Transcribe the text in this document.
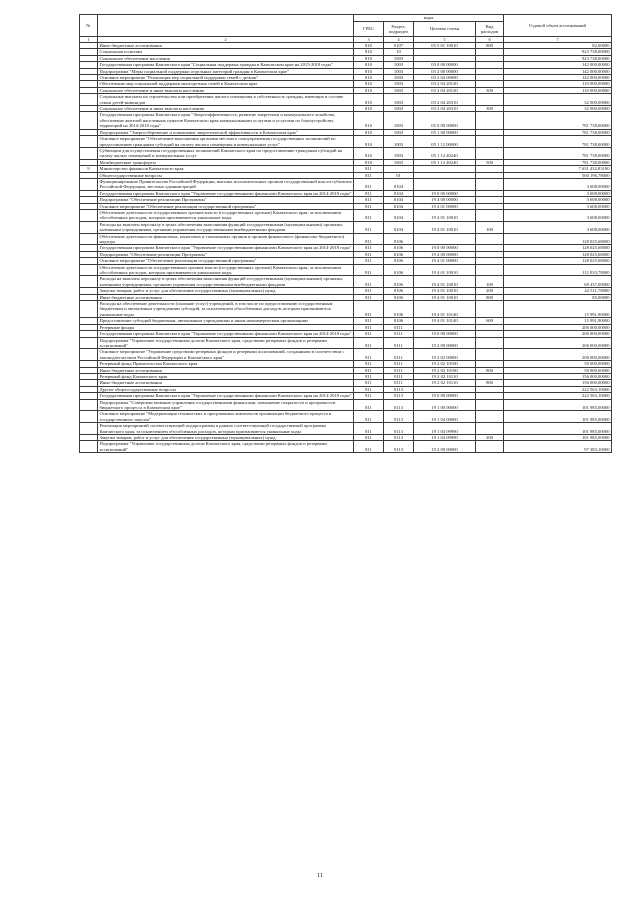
№		коды				Годовой объем ассигнований
		ГРБС	Раздел, подраздел	Целевая статья	Вид расходов	
1	2	3	4	5	6	7
	Иные бюджетные ассигнования	810	0107	05 5 01 10010	800	82,00000
	Социальная политика	810	10			923 738,00000
	Социальное обеспечение населения	810	1003			923 738,00000
	Государственная программа Камчатского края "Социальная поддержка граждан в Камчатском крае на 2015-2018 годы"	810	1003	03 0 00 00000		142 000,00000
	Подпрограмма "Меры социальной поддержки отдельных категорий граждан в Камчатском крае"	810	1003	03 2 00 00000		142 000,00000
	Основное мероприятие "Реализация мер социальной поддержки семей с детьми"	810	1003	03 2 04 00000		142 000,00000
	Обеспечение мер социальной поддержки многодетных семей в Камчатском крае	810	1003	03 2 04 20120		110 000,00000
	Социальное обеспечение и иные выплаты населению	810	1003	03 2 04 20120	300	110 000,00000
	Социальные выплаты на строительство или приобретение жилого помещения в собственность граждан, имеющих в составе семьи детей-инвалидов	810	1003	03 2 04 20310		32 000,00000
	Социальное обеспечение и иные выплаты населению	810	1003	03 2 04 20310	300	32 000,00000
	Государственная программа Камчатского края "Энергоэффективность, развитие энергетики и коммунального хозяйства, обеспечение жителей населенных пунктов Камчатского края коммунальными услугами и услугами по благоустройству территорий на 2014-2018 годы"	810	1003	05 0 00 00000		781 738,00000
	Подпрограмма "Энергосбережение и повышение энергетической эффективности в Камчатском крае"	810	1003	05 1 00 00000		781 738,00000
	Основное мероприятие "Обеспечение выполнения органами местного самоуправления государственных полномочий по предоставлению гражданам субсидий на оплату жилого помещения и коммунальных услуг"	810	1003	05 1 12 00000		781 738,00000
	Субвенции для осуществления государственных полномочий Камчатского края по предоставлению гражданам субсидий на оплату жилых помещений и коммунальных услуг	810	1003	05 1 12 40240		781 738,00000
	Межбюджетные трансферты	810	1003	05 1 12 40240	500	781 738,00000
9	Министерство финансов Камчатского края	811				7 631 432,83100
	Общегосударственные вопросы	811	01			560 196,78000
	Функционирование Правительства Российской Федерации, высших исполнительных органов государственной власти субъектов Российской Федерации, местных администраций	811	0104			3 608,00000
	Государственная программа Камчатского края "Управление государственными финансами Камчатского края на 2014-2018 годы"	811	0104	19 0 00 00000		3 608,00000
	Подпрограмма "Обеспечение реализации Программы"	811	0104	19 4 00 00000		3 608,00000
	Основное мероприятие "Обеспечение реализации государственной программы"	811	0104	19 4 01 00000		3 608,00000
	Обеспечение деятельности государственных органов власти (государственных органов) Камчатского края, за исключением обособленных расходов, которым присваиваются уникальные коды	811	0104	19 4 01 10010		3 608,00000
	Расходы на выплаты персоналу в целях обеспечения выполнения функций государственными (муниципальными) органами, казенными учреждениями, органами управления государственными внебюджетными фондами	811	0104	19 4 01 10010	100	3 608,00000
	Обеспечение деятельности финансовых, налоговых и таможенных органов и органов финансового (финансово-бюджетного) надзора	811	0106			128 025,68000
	Государственная программа Камчатского края "Управление государственными финансами Камчатского края на 2014-2018 годы"	811	0106	19 0 00 00000		128 025,68000
	Подпрограмма "Обеспечение реализации Программы"	811	0106	19 4 00 00000		128 025,68000
	Основное мероприятие "Обеспечение реализации государственной программы"	811	0106	19 4 01 00000		128 025,68000
	Обеспечение деятельности государственных органов власти (государственных органов) Камчатского края, за исключением обособленных расходов, которым присваиваются уникальные коды	811	0106	19 4 01 10010		112 033,78000
	Расходы на выплаты персоналу в целях обеспечения выполнения функций государственными (муниципальными) органами, казенными учреждениями, органами управления государственными внебюджетными фондами	811	0106	19 4 01 10010	100	69 437,00000
	Закупка товаров, работ и услуг для обеспечения государственных (муниципальных) нужд	811	0106	19 4 01 10010	200	42 511,78000
	Иные бюджетные ассигнования	811	0106	19 4 01 10010	800	85,00000
	Расходы на обеспечение деятельности (оказание услуг) учреждений, в том числе по предоставлению государственным бюджетным и автономным учреждениям субсидий, за исключением обособленных расходов, которым присваиваются уникальные коды	811	0106	19 4 01 10140		15 991,90000
	Предоставление субсидий бюджетным, автономным учреждениям и иным некоммерческим организациям	811	0106	19 4 01 10140	600	15 991,90000
	Резервные фонды	811	0111			206 000,00000
	Государственная программа Камчатского края "Управление государственными финансами Камчатского края на 2014-2018 годы"	811	0111	19 0 00 00000		206 000,00000
	Подпрограмма "Управление государственным долгом Камчатского края, средствами резервных фондов и резервами ассигнований"	811	0111	19 2 00 00000		206 000,00000
	Основное мероприятие "Управление средствами резервных фондов и резервами ассигнований, созданными в соответствии с законодательством Российской Федерации и Камчатского края"	811	0111	19 2 02 00000		206 000,00000
	Резервный фонд Правительства Камчатского края	811	0111	19 2 02 10100		50 000,00000
	Иные бюджетные ассигнования	811	0111	19 2 02 10100	800	50 000,00000
	Резервный фонд Камчатского края	811	0111	19 2 02 10110		156 000,00000
	Иные бюджетные ассигнования	811	0111	19 2 02 10110	800	156 000,00000
	Другие общегосударственные вопросы	811	0113			222 563,10000
	Государственная программа Камчатского края "Управление государственными финансами Камчатского края на 2014-2018 годы"	811	0113	19 0 00 00000		222 563,10000
	Подпрограмма "Совершенствование управления государственными финансами, повышение открытости и прозрачности бюджетного процесса в Камчатском крае"	811	0113	19 1 00 00000		101 985,00000
	Основное мероприятие "Модернизация технических и программных комплексов организации бюджетного процесса и государственных закупок"	811	0113	19 1 04 00000		101 985,00000
	Реализация мероприятий соответствующей подпрограммы в рамках соответствующей государственной программы Камчатского края, за исключением обособленных расходов, которым присваиваются уникальные коды	811	0113	19 1 04 09990		101 985,00000
	Закупка товаров, работ и услуг для обеспечения государственных (муниципальных) нужд	811	0113	19 1 04 09990	200	101 985,00000
	Подпрограмма "Управление государственным долгом Камчатского края, средствами резервных фондов и резервами ассигнований"	811	0113	19 2 00 00000		97 383,10000
11
